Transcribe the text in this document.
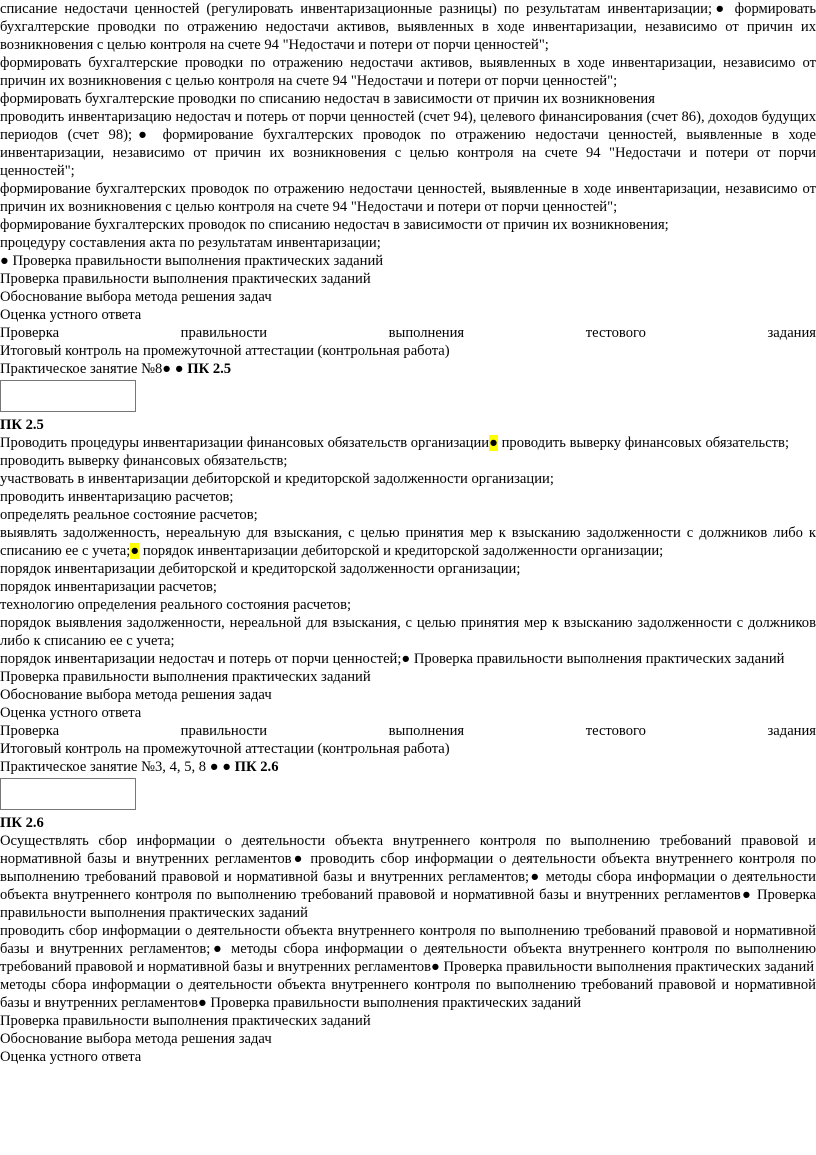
списание недостачи ценностей (регулировать инвентаризационные разницы) по результатам инвентаризации;● формировать бухгалтерские проводки по отражению недостачи активов, выявленных в ходе инвентаризации, независимо от причин их возникновения с целью контроля на счете 94 "Недостачи и потери от порчи ценностей";

формировать бухгалтерские проводки по отражению недостачи активов, выявленных в ходе инвентаризации, независимо от причин их возникновения с целью контроля на счете 94 "Недостачи и потери от порчи ценностей";

формировать бухгалтерские проводки по списанию недостач в зависимости от причин их возникновения

проводить инвентаризацию недостач и потерь от порчи ценностей (счет 94), целевого финансирования (счет 86), доходов будущих периодов (счет 98);● формирование бухгалтерских проводок по отражению недостачи ценностей, выявленные в ходе инвентаризации, независимо от причин их возникновения с целью контроля на счете 94 "Недостачи и потери от порчи ценностей";

формирование бухгалтерских проводок по отражению недостачи ценностей, выявленные в ходе инвентаризации, независимо от причин их возникновения с целью контроля на счете 94 "Недостачи и потери от порчи ценностей";

формирование бухгалтерских проводок по списанию недостач в зависимости от причин их возникновения;

процедуру составления акта по результатам инвентаризации;

● Проверка правильности выполнения практических заданий

Проверка правильности выполнения практических заданий

Обоснование выбора метода решения задач

Оценка устного ответа

Проверка правильности выполнения тестового задания

Итоговый контроль на промежуточной аттестации (контрольная работа)

Практическое занятие №8● ● ПК 2.5

ПК 2.5

Проводить процедуры инвентаризации финансовых обязательств организации● проводить выверку финансовых обязательств;

проводить выверку финансовых обязательств;

участвовать в инвентаризации дебиторской и кредиторской задолженности организации;

проводить инвентаризацию расчетов;

определять реальное состояние расчетов;

выявлять задолженность, нереальную для взыскания, с целью принятия мер к взысканию задолженности с должников либо к списанию ее с учета;● порядок инвентаризации дебиторской и кредиторской задолженности организации;

порядок инвентаризации дебиторской и кредиторской задолженности организации;

порядок инвентаризации расчетов;

технологию определения реального состояния расчетов;

порядок выявления задолженности, нереальной для взыскания, с целью принятия мер к взысканию задолженности с должников либо к списанию ее с учета;

порядок инвентаризации недостач и потерь от порчи ценностей;● Проверка правильности выполнения практических заданий

Проверка правильности выполнения практических заданий

Обоснование выбора метода решения задач

Оценка устного ответа

Проверка правильности выполнения тестового задания

Итоговый контроль на промежуточной аттестации (контрольная работа)

Практическое занятие №3, 4, 5, 8 ● ● ПК 2.6

ПК 2.6

Осуществлять сбор информации о деятельности объекта внутреннего контроля по выполнению требований правовой и нормативной базы и внутренних регламентов● проводить сбор информации о деятельности объекта внутреннего контроля по выполнению требований правовой и нормативной базы и внутренних регламентов;● методы сбора информации о деятельности объекта внутреннего контроля по выполнению требований правовой и нормативной базы и внутренних регламентов● Проверка правильности выполнения практических заданий

проводить сбор информации о деятельности объекта внутреннего контроля по выполнению требований правовой и нормативной базы и внутренних регламентов;● методы сбора информации о деятельности объекта внутреннего контроля по выполнению требований правовой и нормативной базы и внутренних регламентов● Проверка правильности выполнения практических заданий

методы сбора информации о деятельности объекта внутреннего контроля по выполнению требований правовой и нормативной базы и внутренних регламентов● Проверка правильности выполнения практических заданий

Проверка правильности выполнения практических заданий

Обоснование выбора метода решения задач

Оценка устного ответа
